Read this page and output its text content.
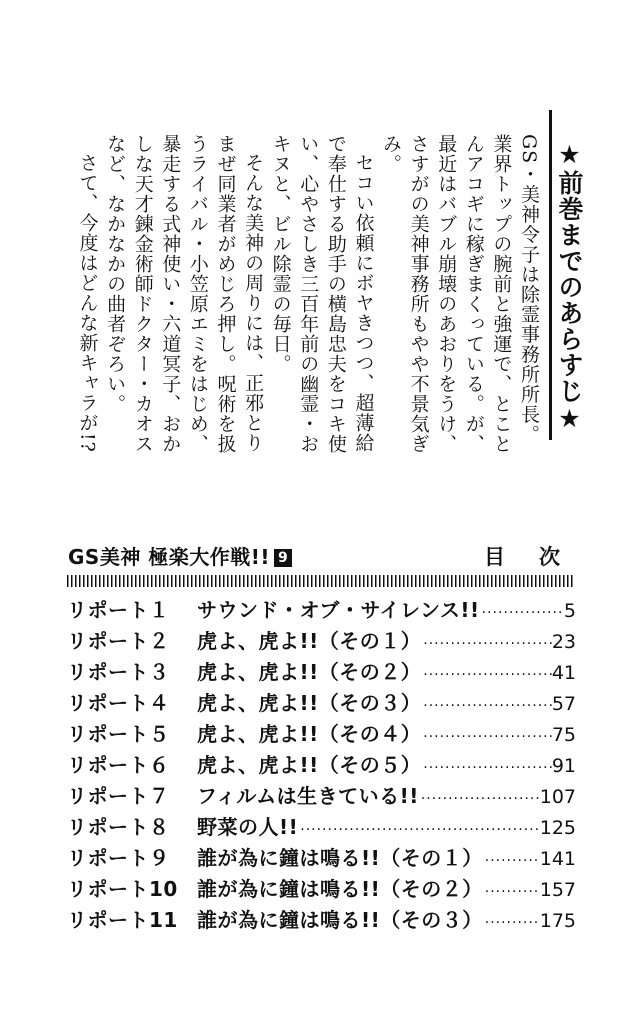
★前巻までのあらすじ★

GS・美神令子は除霊事務所所長。業界トップの腕前と強運で、とことんアコギに稼ぎまくっている。が、最近はバブル崩壊のあおりをうけ、さすがの美神事務所もやや不景気ぎみ。

セコい依頼にボヤきつつ、超薄給で奉仕する助手の横島忠夫をコキ使い、心やさしき三百年前の幽霊・おキヌと、ビル除霊の毎日。

そんな美神の周りには、正邪とりまぜ同業者がめじろ押し。呪術を扱うライバル・小笠原エミをはじめ、暴走する式神使い・六道冥子、おかしな天才錬金術師ドクター・カオスなど、なかなかの曲者ぞろい。

さて、今度はどんな新キャラが!?

GS美神 極楽大作戦!! 9	目次
リポート１	サウンド・オブ・サイレンス!! ·····	5
リポート２	虎よ、虎よ!!（その１） ·····	23
リポート３	虎よ、虎よ!!（その２） ·····	41
リポート４	虎よ、虎よ!!（その３） ·····	57
リポート５	虎よ、虎よ!!（その４） ·····	75
リポート６	虎よ、虎よ!!（その５） ·····	91
リポート７	フィルムは生きている!! ·····	107
リポート８	野菜の人!! ·····	125
リポート９	誰が為に鐘は鳴る!!（その１） ·····	141
リポート10 誰が為に鐘は鳴る!!（その２） ·····	157
リポート11 誰が為に鐘は鳴る!!（その３） ·····	175
